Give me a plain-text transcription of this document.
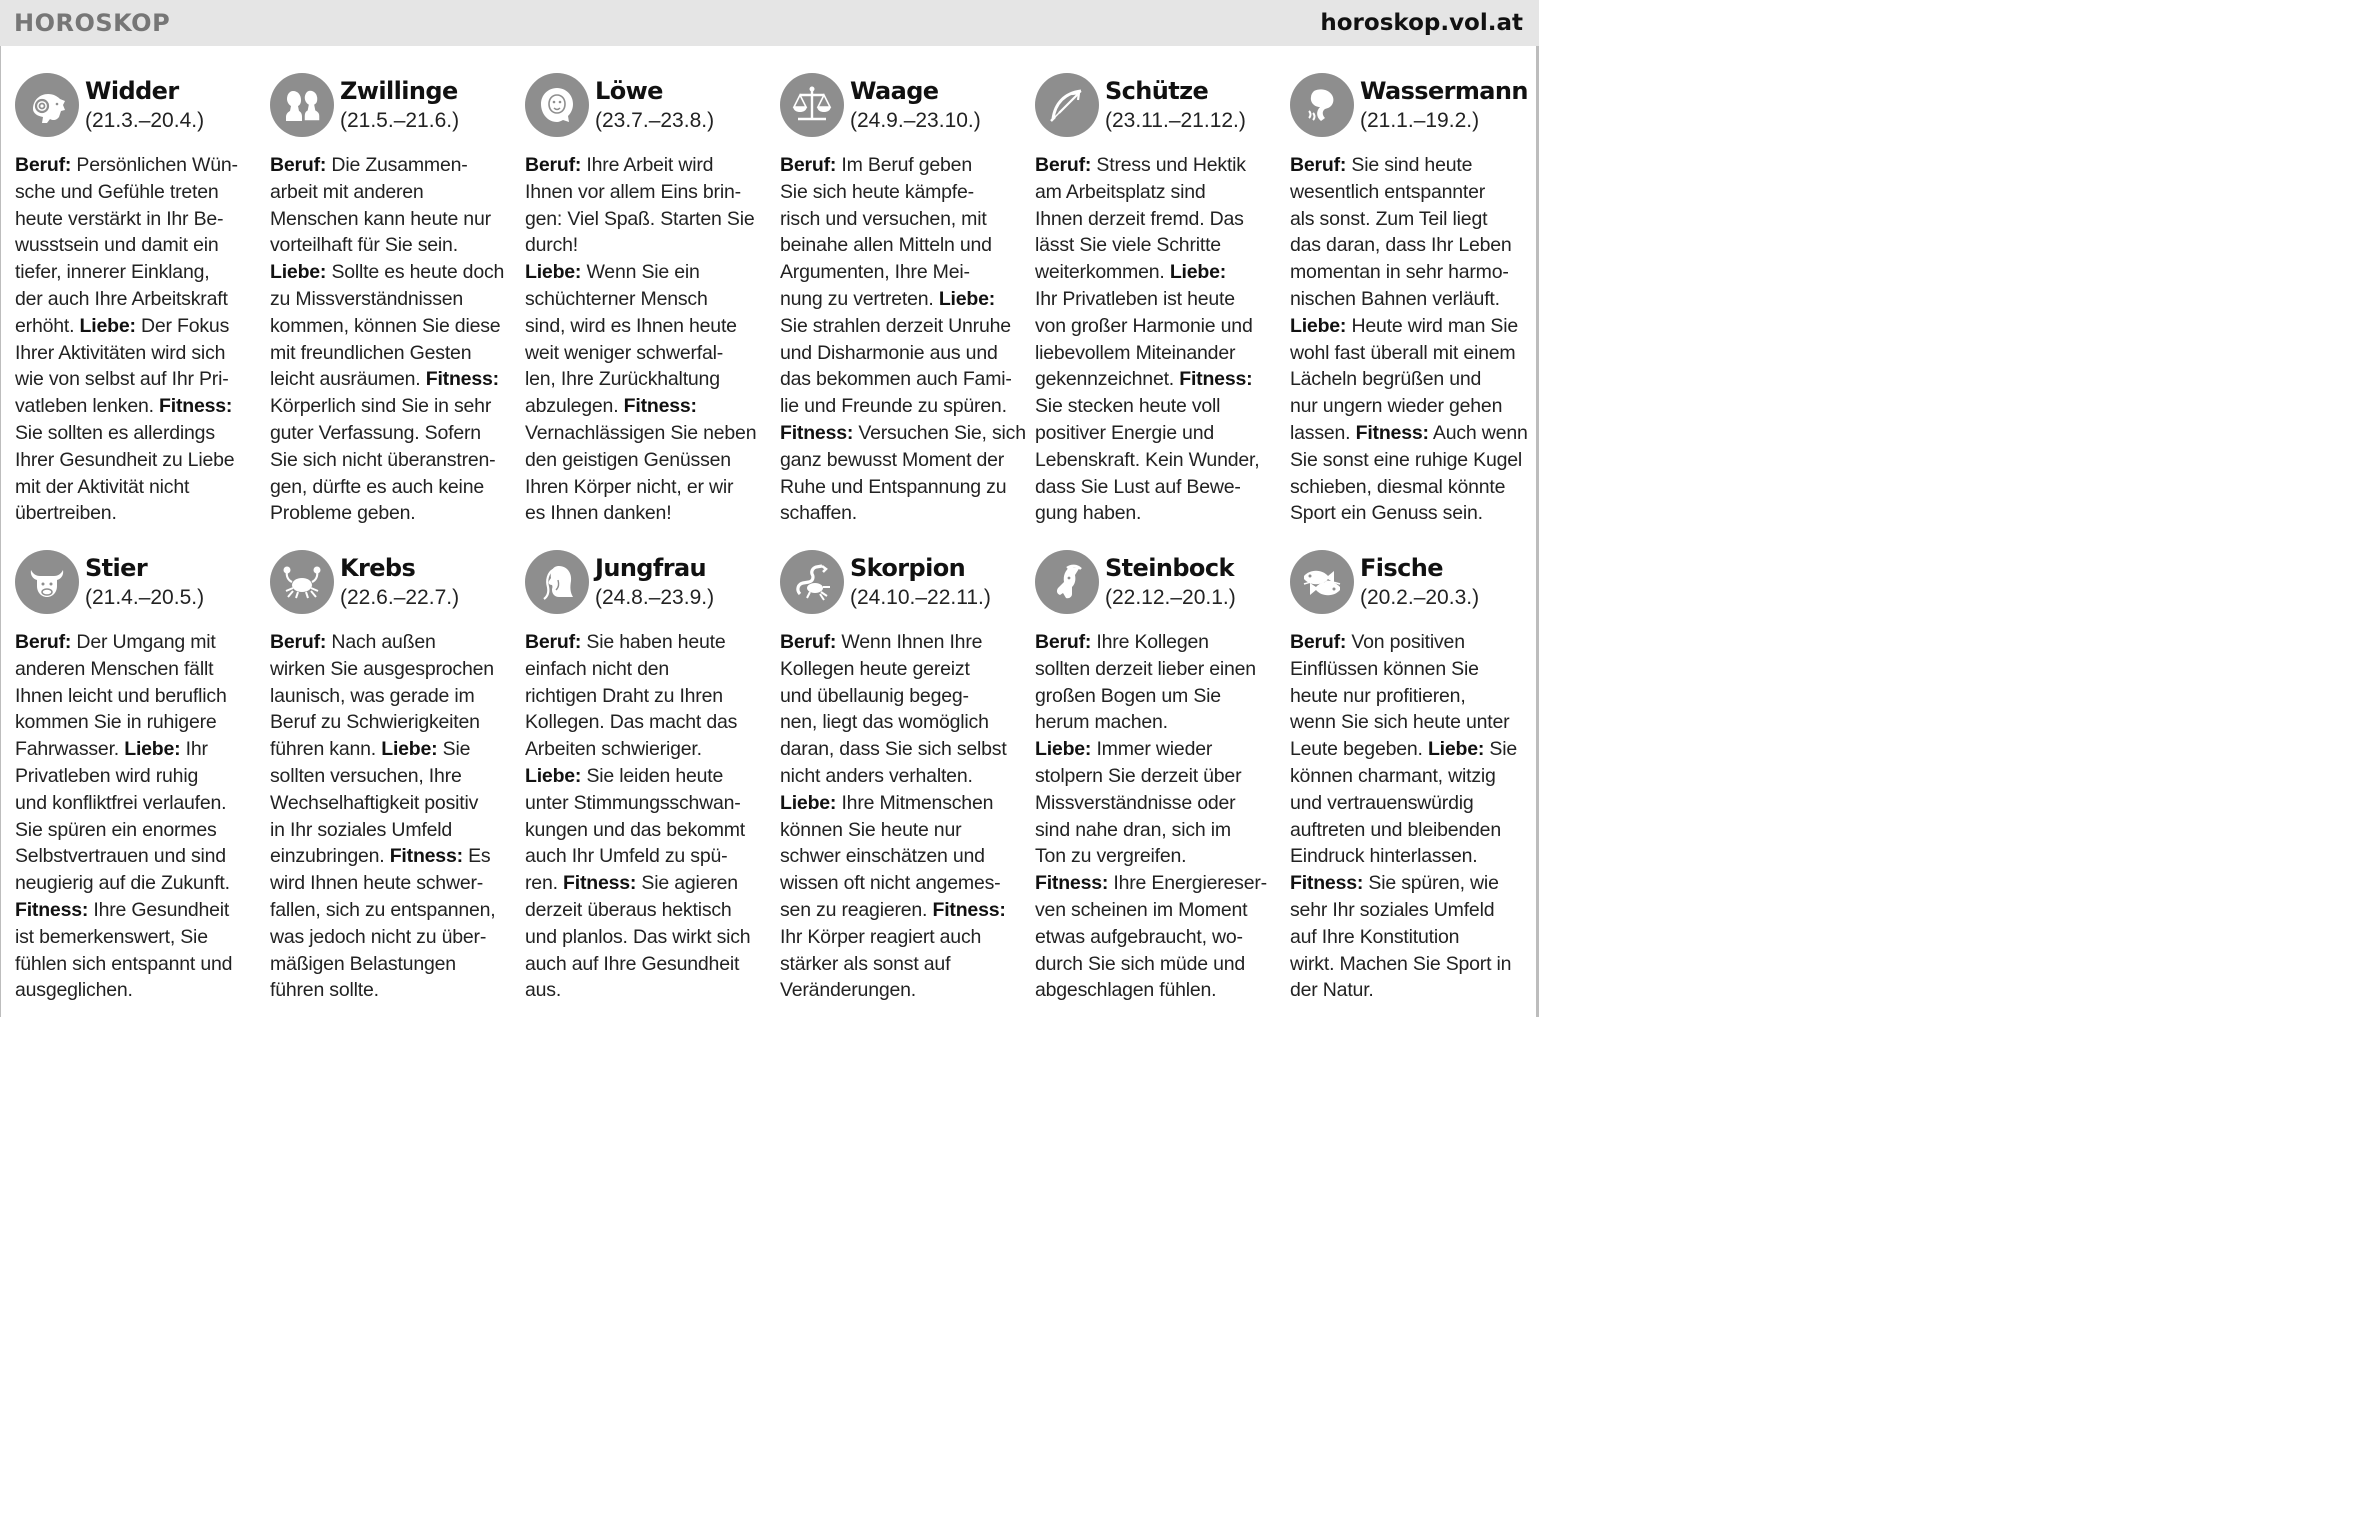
HOROSKOP	horoskop.vol.at
Widder
(21.3.–20.4.)
Beruf: Persönlichen Wün-
sche und Gefühle treten
heute verstärkt in Ihr Be-
wusstsein und damit ein
tiefer, innerer Einklang,
der auch Ihre Arbeitskraft
erhöht. Liebe: Der Fokus
Ihrer Aktivitäten wird sich
wie von selbst auf Ihr Pri-
vatleben lenken. Fitness:
Sie sollten es allerdings
Ihrer Gesundheit zu Liebe
mit der Aktivität nicht
übertreiben.
Zwillinge
(21.5.–21.6.)
Beruf: Die Zusammen-
arbeit mit anderen
Menschen kann heute nur
vorteilhaft für Sie sein.
Liebe: Sollte es heute doch
zu Missverständnissen
kommen, können Sie diese
mit freundlichen Gesten
leicht ausräumen. Fitness:
Körperlich sind Sie in sehr
guter Verfassung. Sofern
Sie sich nicht überanstren-
gen, dürfte es auch keine
Probleme geben.
Löwe
(23.7.–23.8.)
Beruf: Ihre Arbeit wird
Ihnen vor allem Eins brin-
gen: Viel Spaß. Starten Sie
durch!
Liebe: Wenn Sie ein
schüchterner Mensch
sind, wird es Ihnen heute
weit weniger schwerfal-
len, Ihre Zurückhaltung
abzulegen. Fitness:
Vernachlässigen Sie neben
den geistigen Genüssen
Ihren Körper nicht, er wir
es Ihnen danken!
Waage
(24.9.–23.10.)
Beruf: Im Beruf geben
Sie sich heute kämpfe-
risch und versuchen, mit
beinahe allen Mitteln und
Argumenten, Ihre Mei-
nung zu vertreten. Liebe:
Sie strahlen derzeit Unruhe
und Disharmonie aus und
das bekommen auch Fami-
lie und Freunde zu spüren.
Fitness: Versuchen Sie, sich
ganz bewusst Moment der
Ruhe und Entspannung zu
schaffen.
Schütze
(23.11.–21.12.)
Beruf: Stress und Hektik
am Arbeitsplatz sind
Ihnen derzeit fremd. Das
lässt Sie viele Schritte
weiterkommen. Liebe:
Ihr Privatleben ist heute
von großer Harmonie und
liebevollem Miteinander
gekennzeichnet. Fitness:
Sie stecken heute voll
positiver Energie und
Lebenskraft. Kein Wunder,
dass Sie Lust auf Bewe-
gung haben.
Wassermann
(21.1.–19.2.)
Beruf: Sie sind heute
wesentlich entspannter
als sonst. Zum Teil liegt
das daran, dass Ihr Leben
momentan in sehr harmo-
nischen Bahnen verläuft.
Liebe: Heute wird man Sie
wohl fast überall mit einem
Lächeln begrüßen und
nur ungern wieder gehen
lassen. Fitness: Auch wenn
Sie sonst eine ruhige Kugel
schieben, diesmal könnte
Sport ein Genuss sein.
Stier
(21.4.–20.5.)
Beruf: Der Umgang mit
anderen Menschen fällt
Ihnen leicht und beruflich
kommen Sie in ruhigere
Fahrwasser. Liebe: Ihr
Privatleben wird ruhig
und konfliktfrei verlaufen.
Sie spüren ein enormes
Selbstvertrauen und sind
neugierig auf die Zukunft.
Fitness: Ihre Gesundheit
ist bemerkenswert, Sie
fühlen sich entspannt und
ausgeglichen.
Krebs
(22.6.–22.7.)
Beruf: Nach außen
wirken Sie ausgesprochen
launisch, was gerade im
Beruf zu Schwierigkeiten
führen kann. Liebe: Sie
sollten versuchen, Ihre
Wechselhaftigkeit positiv
in Ihr soziales Umfeld
einzubringen. Fitness: Es
wird Ihnen heute schwer-
fallen, sich zu entspannen,
was jedoch nicht zu über-
mäßigen Belastungen
führen sollte.
Jungfrau
(24.8.–23.9.)
Beruf: Sie haben heute
einfach nicht den
richtigen Draht zu Ihren
Kollegen. Das macht das
Arbeiten schwieriger.
Liebe: Sie leiden heute
unter Stimmungsschwan-
kungen und das bekommt
auch Ihr Umfeld zu spü-
ren. Fitness: Sie agieren
derzeit überaus hektisch
und planlos. Das wirkt sich
auch auf Ihre Gesundheit
aus.
Skorpion
(24.10.–22.11.)
Beruf: Wenn Ihnen Ihre
Kollegen heute gereizt
und übellaunig begeg-
nen, liegt das womöglich
daran, dass Sie sich selbst
nicht anders verhalten.
Liebe: Ihre Mitmenschen
können Sie heute nur
schwer einschätzen und
wissen oft nicht angemes-
sen zu reagieren. Fitness:
Ihr Körper reagiert auch
stärker als sonst auf
Veränderungen.
Steinbock
(22.12.–20.1.)
Beruf: Ihre Kollegen
sollten derzeit lieber einen
großen Bogen um Sie
herum machen.
Liebe: Immer wieder
stolpern Sie derzeit über
Missverständnisse oder
sind nahe dran, sich im
Ton zu vergreifen.
Fitness: Ihre Energiereser-
ven scheinen im Moment
etwas aufgebraucht, wo-
durch Sie sich müde und
abgeschlagen fühlen.
Fische
(20.2.–20.3.)
Beruf: Von positiven
Einflüssen können Sie
heute nur profitieren,
wenn Sie sich heute unter
Leute begeben. Liebe: Sie
können charmant, witzig
und vertrauenswürdig
auftreten und bleibenden
Eindruck hinterlassen.
Fitness: Sie spüren, wie
sehr Ihr soziales Umfeld
auf Ihre Konstitution
wirkt. Machen Sie Sport in
der Natur.
